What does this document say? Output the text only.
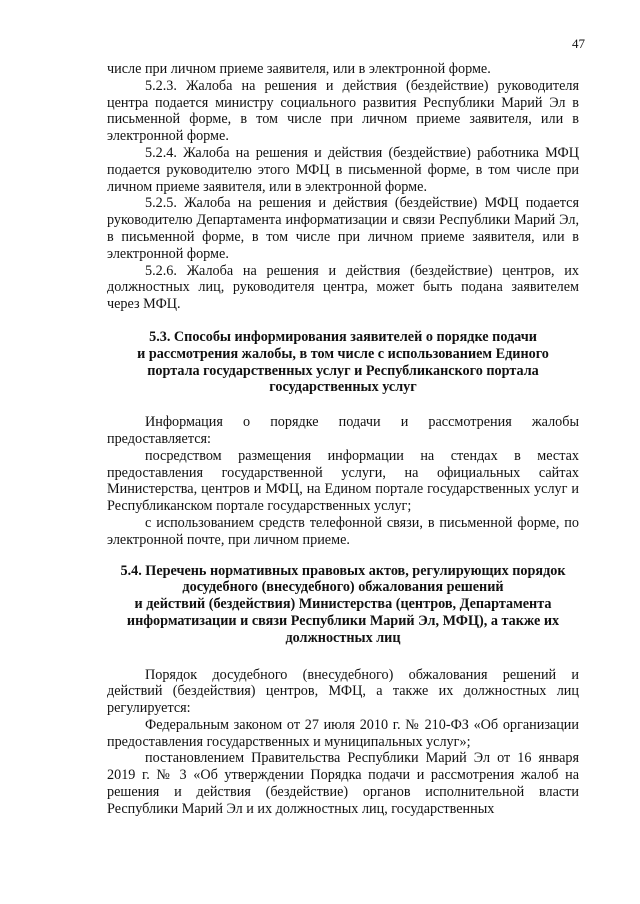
47

числе при личном приеме заявителя, или в электронной форме.

5.2.3. Жалоба на решения и действия (бездействие) руководителя центра подается министру социального развития Республики Марий Эл в письменной форме, в том числе при личном приеме заявителя, или в электронной форме.

5.2.4. Жалоба на решения и действия (бездействие) работника МФЦ подается руководителю этого МФЦ в письменной форме, в том числе при личном приеме заявителя, или в электронной форме.

5.2.5. Жалоба на решения и действия (бездействие) МФЦ подается руководителю Департамента информатизации и связи Республики Марий Эл, в письменной форме, в том числе при личном приеме заявителя, или в электронной форме.

5.2.6. Жалоба на решения и действия (бездействие) центров, их должностных лиц, руководителя центра, может быть подана заявителем через МФЦ.

5.3. Способы информирования заявителей о порядке подачи
и рассмотрения жалобы, в том числе с использованием Единого
портала государственных услуг и Республиканского портала
государственных услуг

Информация о порядке подачи и рассмотрения жалобы предоставляется:

посредством размещения информации на стендах в местах предоставления государственной услуги, на официальных сайтах Министерства, центров и МФЦ, на Едином портале государственных услуг и Республиканском портале государственных услуг;

с использованием средств телефонной связи, в письменной форме, по электронной почте, при личном приеме.

5.4. Перечень нормативных правовых актов, регулирующих порядок
досудебного (внесудебного) обжалования решений
и действий (бездействия) Министерства (центров, Департамента
информатизации и связи Республики Марий Эл, МФЦ), а также их
должностных лиц

Порядок досудебного (внесудебного) обжалования решений и действий (бездействия) центров, МФЦ, а также их должностных лиц регулируется:

Федеральным законом от 27 июля 2010 г. № 210-ФЗ «Об организации предоставления государственных и муниципальных услуг»;

постановлением Правительства Республики Марий Эл от 16 января 2019 г. № 3 «Об утверждении Порядка подачи и рассмотрения жалоб на решения и действия (бездействие) органов исполнительной власти Республики Марий Эл и их должностных лиц, государственных
